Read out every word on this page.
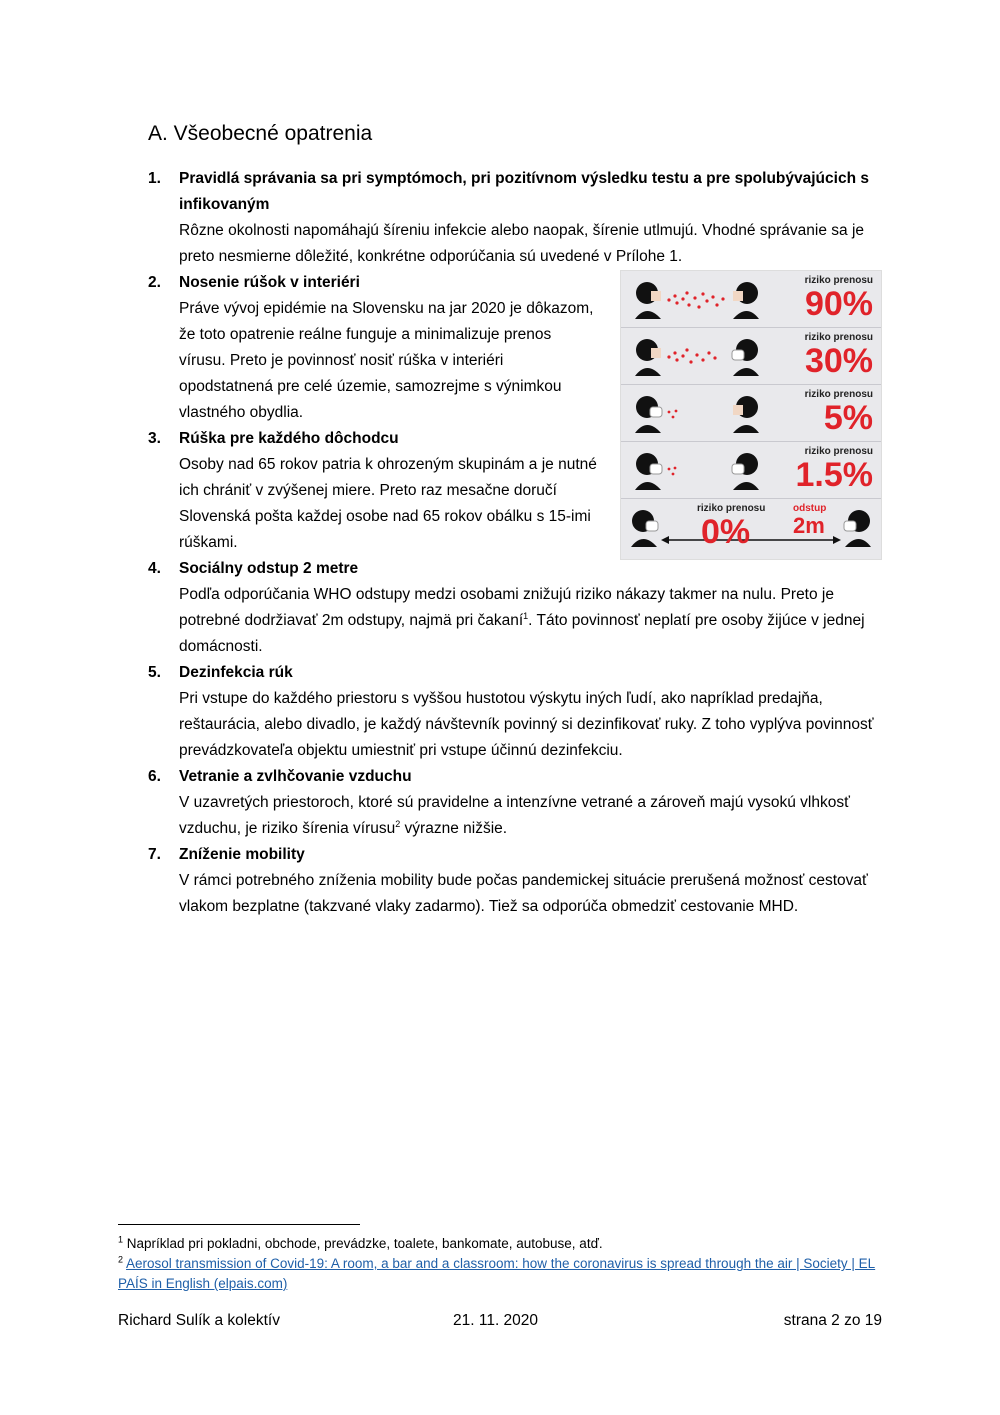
A. Všeobecné opatrenia
1. Pravidlá správania sa pri symptómoch, pri pozitívnom výsledku testu a pre spolubývajúcich s infikovaným
Rôzne okolnosti napomáhajú šíreniu infekcie alebo naopak, šírenie utlmujú. Vhodné správanie sa je preto nesmierne dôležité, konkrétne odporúčania sú uvedené v Prílohe 1.
2. Nosenie rúšok v interiéri
Práve vývoj epidémie na Slovensku na jar 2020 je dôkazom, že toto opatrenie reálne funguje a minimalizuje prenos vírusu. Preto je povinnosť nosiť rúška v interiéri opodstatnená pre celé územie, samozrejme s výnimkou vlastného obydlia.
3. Rúška pre každého dôchodcu
Osoby nad 65 rokov patria k ohrozeným skupinám a je nutné ich chrániť v zvýšenej miere. Preto raz mesačne doručí Slovenská pošta každej osobe nad 65 rokov obálku s 15-imi rúškami.
4. Sociálny odstup 2 metre
Podľa odporúčania WHO odstupy medzi osobami znižujú riziko nákazy takmer na nulu. Preto je potrebné dodržiavať 2m odstupy, najmä pri čakaní$^1$. Táto povinnosť neplatí pre osoby žijúce v jednej domácnosti.
5. Dezinfekcia rúk
Pri vstupe do každého priestoru s vyššou hustotou výskytu iných ľudí, ako napríklad predajňa, reštaurácia, alebo divadlo, je každý návštevník povinný si dezinfikovať ruky. Z toho vyplýva povinnosť prevádzkovateľa objektu umiestniť pri vstupe účinnú dezinfekciu.
6. Vetranie a zvlhčovanie vzduchu
V uzavretých priestoroch, ktoré sú pravidelne a intenzívne vetrané a zároveň majú vysokú vlhkosť vzduchu, je riziko šírenia vírusu$^2$ výrazne nižšie.
7. Zníženie mobility
V rámci potrebného zníženia mobility bude počas pandemickej situácie prerušená možnosť cestovať vlakom bezplatne (takzvané vlaky zadarmo). Tiež sa odporúča obmedziť cestovanie MHD.
riziko prenosu
90%
riziko prenosu
30%
riziko prenosu
5%
riziko prenosu
1.5%
riziko prenosu
0%
odstup
2m
$^1$ Napríklad pri pokladni, obchode, prevádzke, toalete, bankomate, autobuse, atď.
$^2$ Aerosol transmission of Covid-19: A room, a bar and a classroom: how the coronavirus is spread through the air | Society | EL PAÍS in English (elpais.com)
Richard Sulík a kolektív	21. 11. 2020	strana 2 zo 19
